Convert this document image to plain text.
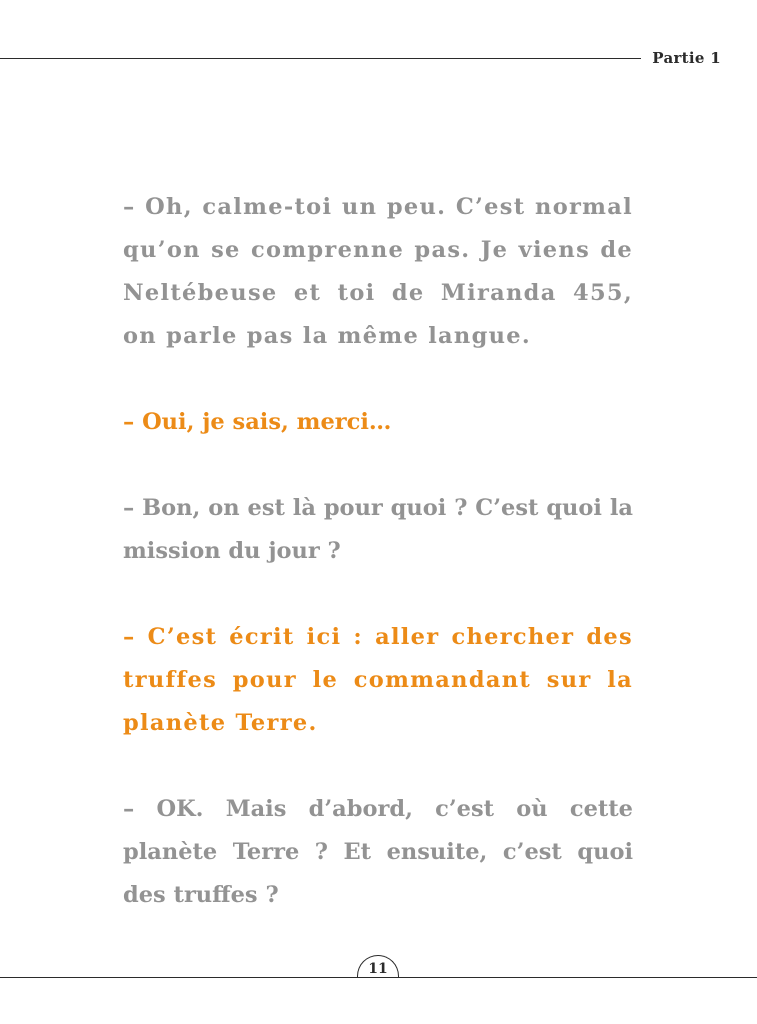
Partie 1

– Oh, calme-toi un peu. C’est normal qu’on se comprenne pas. Je viens de Neltébeuse et toi de Miranda 455, on parle pas la même langue.

– Oui, je sais, merci…

– Bon, on est là pour quoi ? C’est quoi la mission du jour ?

– C’est écrit ici : aller chercher des truffes pour le commandant sur la planète Terre.

– OK. Mais d’abord, c’est où cette planète Terre ? Et ensuite, c’est quoi des truffes ?

11
